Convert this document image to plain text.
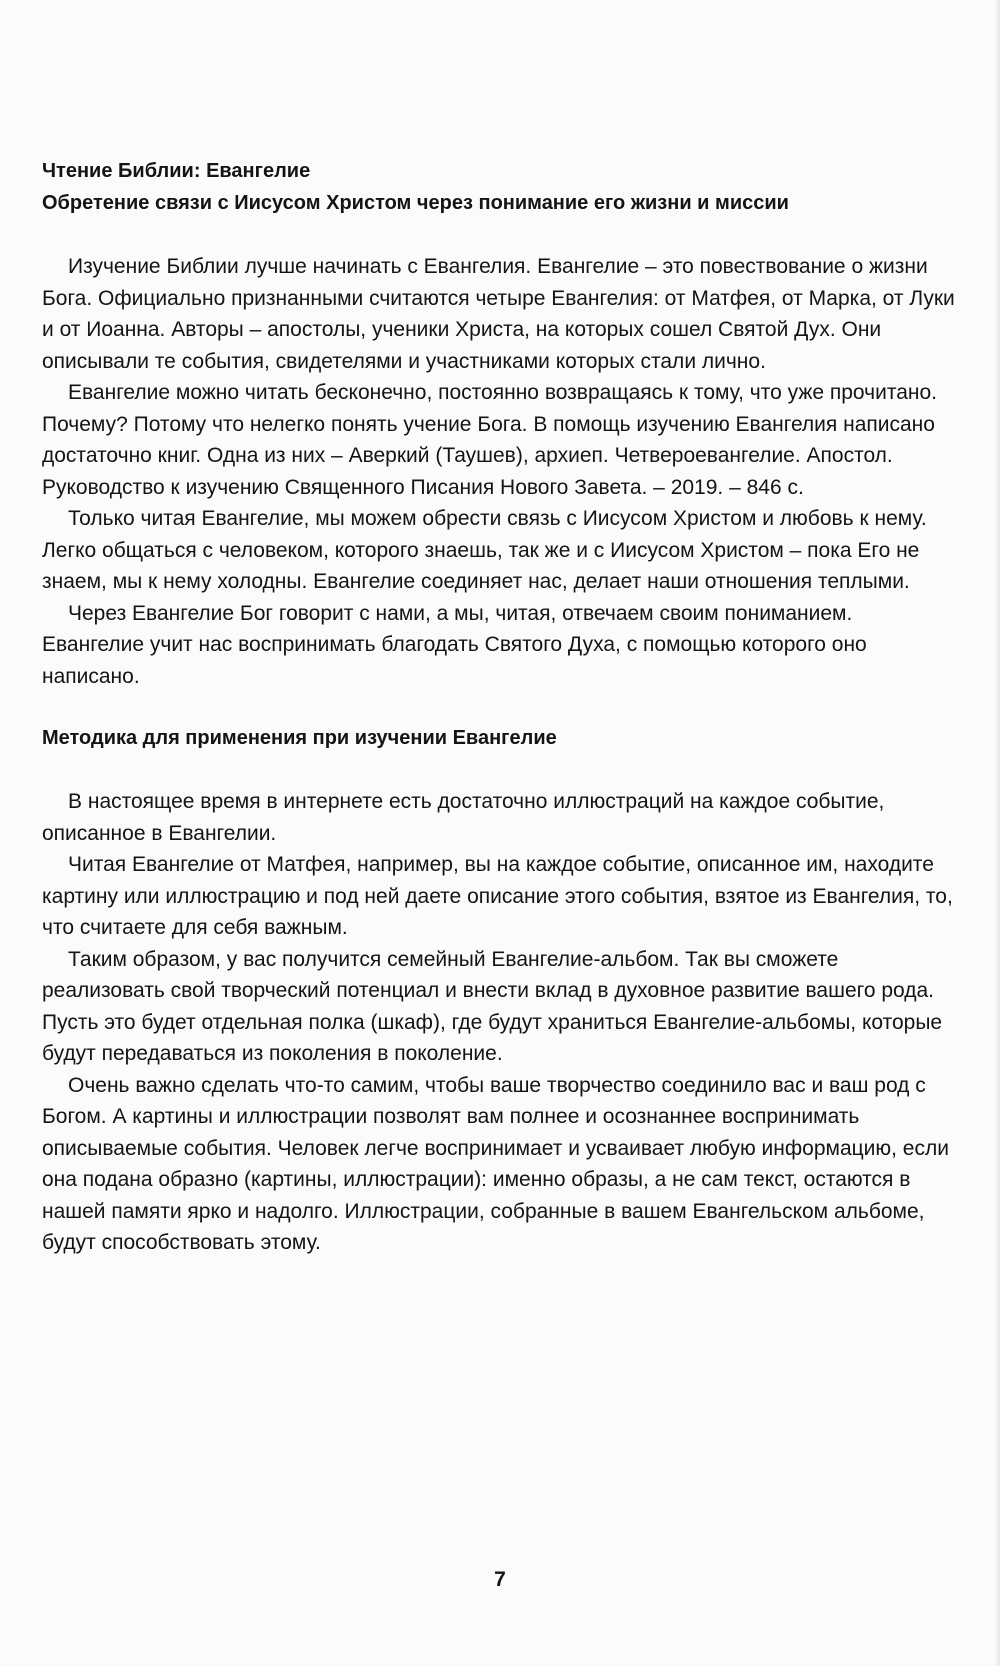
Чтение Библии: Евангелие
Обретение связи с Иисусом Христом через понимание его жизни и миссии

Изучение Библии лучше начинать с Евангелия. Евангелие – это повествование о жизни Бога. Официально признанными считаются четыре Евангелия: от Матфея, от Марка, от Луки и от Иоанна. Авторы – апостолы, ученики Христа, на которых сошел Святой Дух. Они описывали те события, свидетелями и участниками которых стали лично.

Евангелие можно читать бесконечно, постоянно возвращаясь к тому, что уже прочитано. Почему? Потому что нелегко понять учение Бога. В помощь изучению Евангелия написано достаточно книг. Одна из них – Аверкий (Таушев), архиеп. Четвероевангелие. Апостол. Руководство к изучению Священного Писания Нового Завета. – 2019. – 846 с.

Только читая Евангелие, мы можем обрести связь с Иисусом Христом и любовь к нему. Легко общаться с человеком, которого знаешь, так же и с Иисусом Христом – пока Его не знаем, мы к нему холодны. Евангелие соединяет нас, делает наши отношения теплыми.

Через Евангелие Бог говорит с нами, а мы, читая, отвечаем своим пониманием. Евангелие учит нас воспринимать благодать Святого Духа, с помощью которого оно написано.

Методика для применения при изучении Евангелие

В настоящее время в интернете есть достаточно иллюстраций на каждое событие, описанное в Евангелии.

Читая Евангелие от Матфея, например, вы на каждое событие, описанное им, находите картину или иллюстрацию и под ней даете описание этого события, взятое из Евангелия, то, что считаете для себя важным.

Таким образом, у вас получится семейный Евангелие-альбом. Так вы сможете реализовать свой творческий потенциал и внести вклад в духовное развитие вашего рода. Пусть это будет отдельная полка (шкаф), где будут храниться Евангелие-альбомы, которые будут передаваться из поколения в поколение.

Очень важно сделать что-то самим, чтобы ваше творчество соединило вас и ваш род с Богом. А картины и иллюстрации позволят вам полнее и осознаннее воспринимать описываемые события. Человек легче воспринимает и усваивает любую информацию, если она подана образно (картины, иллюстрации): именно образы, а не сам текст, остаются в нашей памяти ярко и надолго. Иллюстрации, собранные в вашем Евангельском альбоме, будут способствовать этому.

7
